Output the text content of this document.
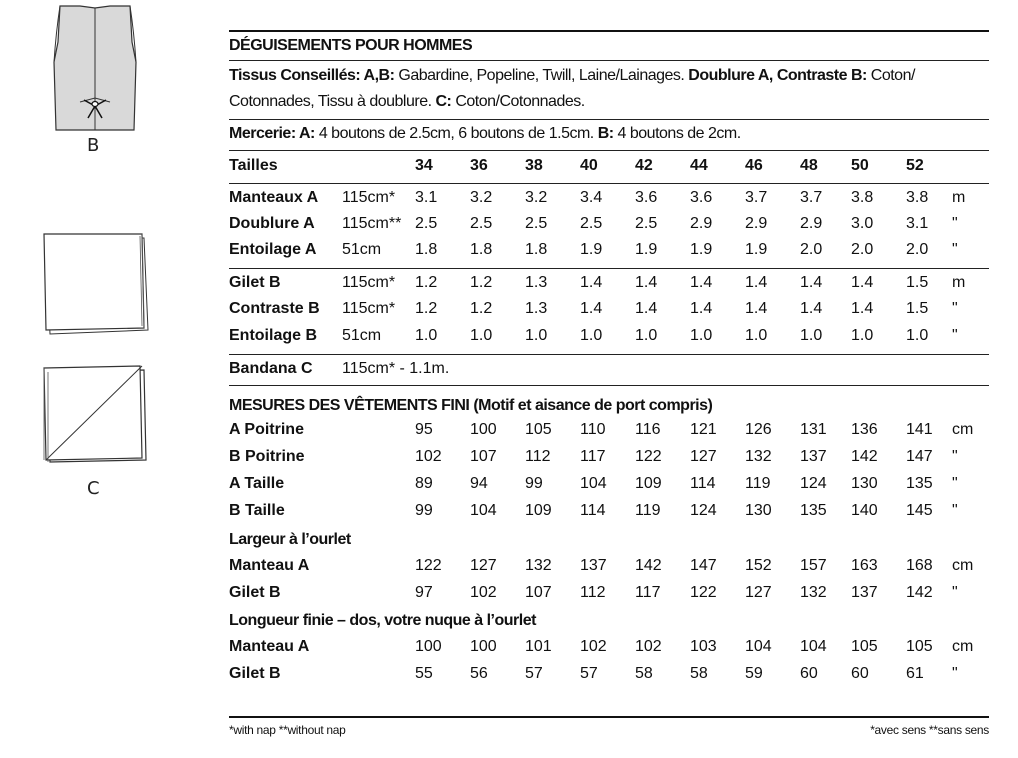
B
C
DÉGUISEMENTS POUR HOMMES
Tissus Conseillés: A,B: Gabardine, Popeline, Twill, Laine/Lainages. Doublure A, Contraste B: Coton/
Cotonnades, Tissu à doublure. C: Coton/Cotonnades.
Mercerie: A: 4 boutons de 2.5cm, 6 boutons de 1.5cm. B: 4 boutons de 2cm.
Tailles	34 36 38 40 42 44 46 48 50 52
Manteaux A 115cm* 3.1 3.2 3.2 3.4 3.6 3.6 3.7 3.7 3.8 3.8 m
Doublure A 115cm** 2.5 2.5 2.5 2.5 2.5 2.9 2.9 2.9 3.0 3.1 "
Entoilage A 51cm 1.8 1.8 1.8 1.9 1.9 1.9 1.9 2.0 2.0 2.0 "
Gilet B	115cm* 1.2 1.2 1.3 1.4 1.4 1.4 1.4 1.4 1.4 1.5 m
Contraste B 115cm* 1.2 1.2 1.3 1.4 1.4 1.4 1.4 1.4 1.4 1.5 "
Entoilage B 51cm 1.0 1.0 1.0 1.0 1.0 1.0 1.0 1.0 1.0 1.0 "
Bandana C 115cm* - 1.1m.
MESURES DES VÊTEMENTS FINI (Motif et aisance de port compris)
A Poitrine	95 100 105 110 116 121 126 131 136 141 cm
B Poitrine	102 107 112 117 122 127 132 137 142 147 "
A Taille	89 94 99 104 109 114 119 124 130 135 "
B Taille	99 104 109 114 119 124 130 135 140 145 "
Largeur à l’ourlet
Manteau A	122 127 132 137 142 147 152 157 163 168 cm
Gilet B	97 102 107 112 117 122 127 132 137 142 "
Longueur finie – dos, votre nuque à l’ourlet
Manteau A	100 100 101 102 102 103 104 104 105 105 cm
Gilet B	55 56 57 57 58 58 59 60 60 61 "
*with nap **without nap	*avec sens **sans sens
